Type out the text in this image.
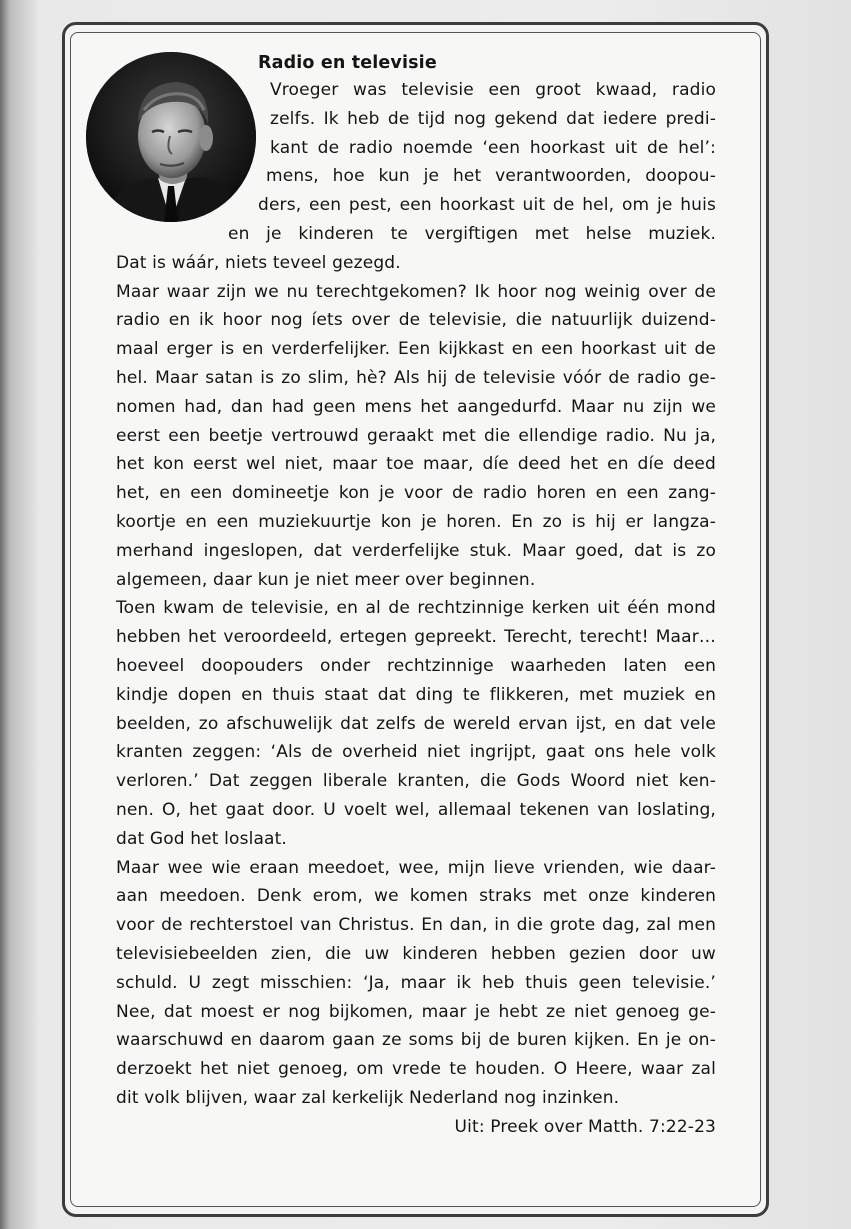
Radio en televisie
Vroeger was televisie een groot kwaad, radio
zelfs. Ik heb de tijd nog gekend dat iedere predi-
kant de radio noemde ‘een hoorkast uit de hel’:
mens, hoe kun je het verantwoorden, doopou-
ders, een pest, een hoorkast uit de hel, om je huis
en je kinderen te vergiftigen met helse muziek.
Dat is wáár, niets teveel gezegd.
Maar waar zijn we nu terechtgekomen? Ik hoor nog weinig over de
radio en ik hoor nog íets over de televisie, die natuurlijk duizend-
maal erger is en verderfelijker. Een kijkkast en een hoorkast uit de
hel. Maar satan is zo slim, hè? Als hij de televisie vóór de radio ge-
nomen had, dan had geen mens het aangedurfd. Maar nu zijn we
eerst een beetje vertrouwd geraakt met die ellendige radio. Nu ja,
het kon eerst wel niet, maar toe maar, díe deed het en díe deed
het, en een domineetje kon je voor de radio horen en een zang-
koortje en een muziekuurtje kon je horen. En zo is hij er langza-
merhand ingeslopen, dat verderfelijke stuk. Maar goed, dat is zo
algemeen, daar kun je niet meer over beginnen.
Toen kwam de televisie, en al de rechtzinnige kerken uit één mond
hebben het veroordeeld, ertegen gepreekt. Terecht, terecht! Maar…
hoeveel doopouders onder rechtzinnige waarheden laten een
kindje dopen en thuis staat dat ding te flikkeren, met muziek en
beelden, zo afschuwelijk dat zelfs de wereld ervan ijst, en dat vele
kranten zeggen: ‘Als de overheid niet ingrijpt, gaat ons hele volk
verloren.’ Dat zeggen liberale kranten, die Gods Woord niet ken-
nen. O, het gaat door. U voelt wel, allemaal tekenen van loslating,
dat God het loslaat.
Maar wee wie eraan meedoet, wee, mijn lieve vrienden, wie daar-
aan meedoen. Denk erom, we komen straks met onze kinderen
voor de rechterstoel van Christus. En dan, in die grote dag, zal men
televisiebeelden zien, die uw kinderen hebben gezien door uw
schuld. U zegt misschien: ‘Ja, maar ik heb thuis geen televisie.’
Nee, dat moest er nog bijkomen, maar je hebt ze niet genoeg ge-
waarschuwd en daarom gaan ze soms bij de buren kijken. En je on-
derzoekt het niet genoeg, om vrede te houden. O Heere, waar zal
dit volk blijven, waar zal kerkelijk Nederland nog inzinken.
Uit: Preek over Matth. 7:22-23
